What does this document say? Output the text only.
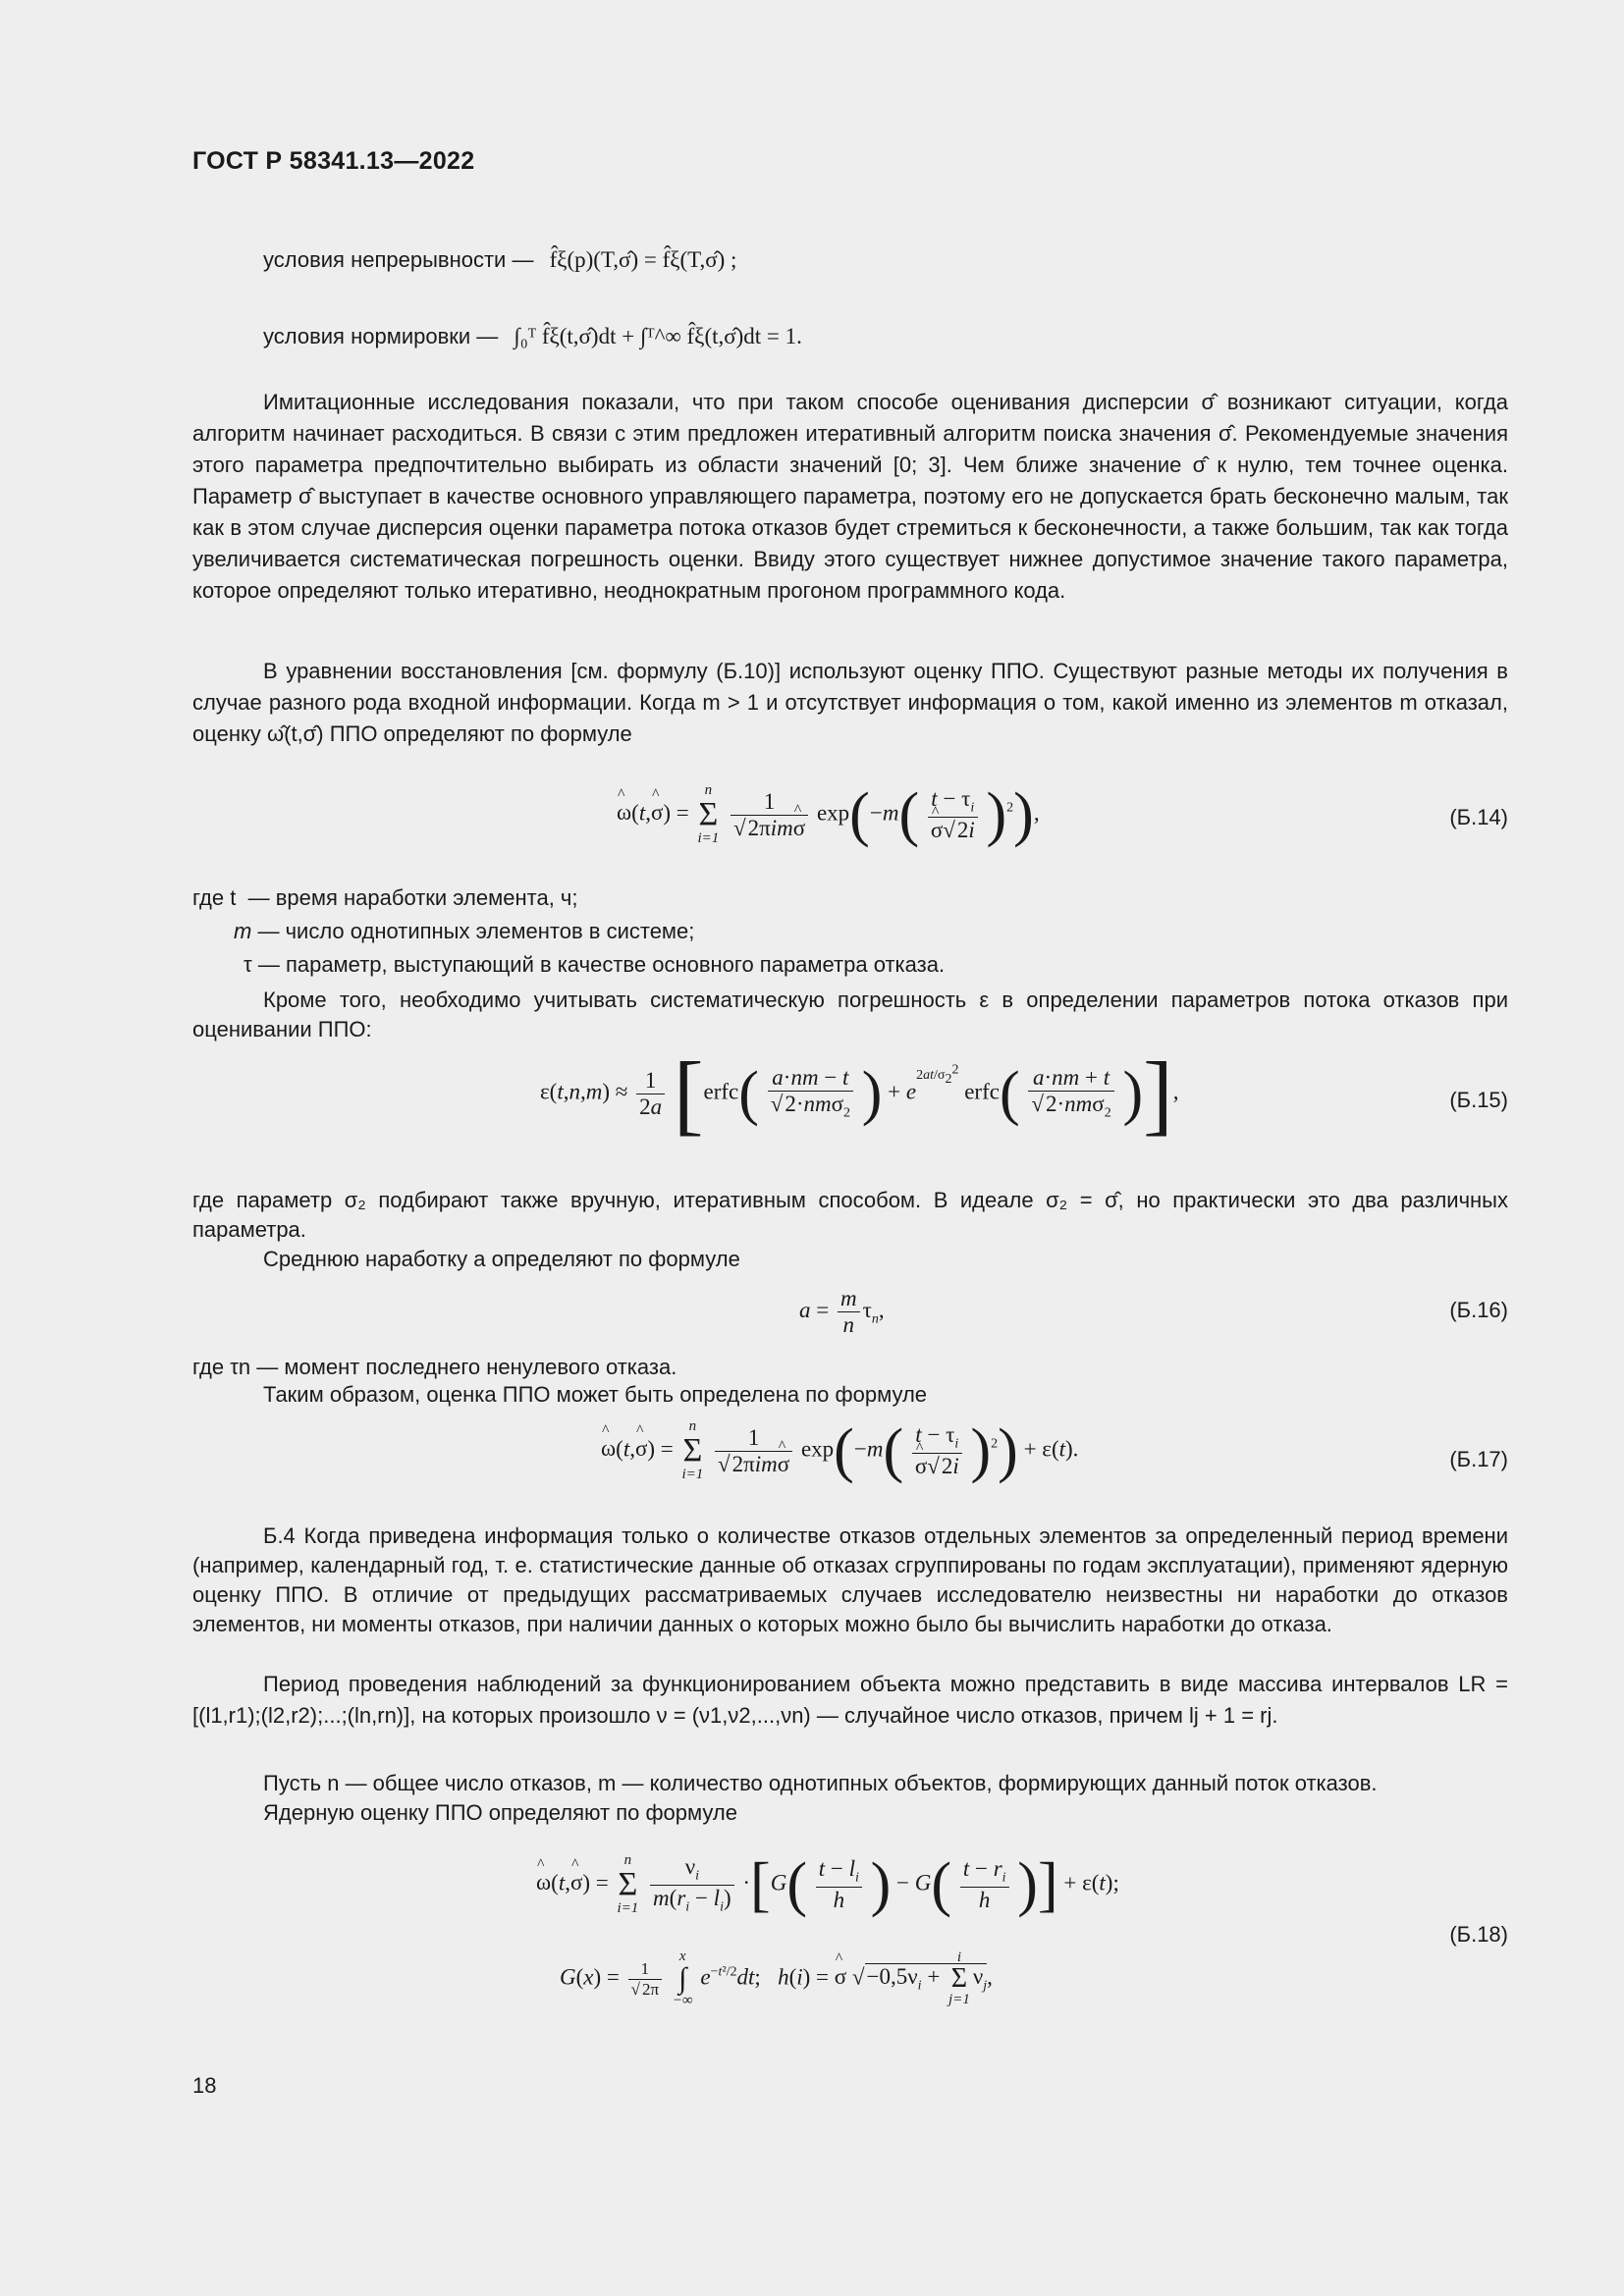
ГОСТ Р 58341.13—2022
условия непрерывности — f̂ξ(p)(T,σ̂) = f̂ξ(T,σ̂) ;
условия нормировки — ∫₀ᵀ f̂ξ(t,σ̂)dt + ∫ᵀ^∞ f̂ξ(t,σ̂)dt = 1.

Имитационные исследования показали, что при таком способе оценивания дисперсии σ̂ возникают ситуации, когда алгоритм начинает расходиться. В связи с этим предложен итеративный алгоритм поиска значения σ̂. Рекомендуемые значения этого параметра предпочтительно выбирать из области значений [0; 3]. Чем ближе значение σ̂ к нулю, тем точнее оценка. Параметр σ̂ выступает в качестве основного управляющего параметра, поэтому его не допускается брать бесконечно малым, так как в этом случае дисперсия оценки параметра потока отказов будет стремиться к бесконечности, а также большим, так как тогда увеличивается систематическая погрешность оценки. Ввиду этого существует нижнее допустимое значение такого параметра, которое определяют только итеративно, неоднократным прогоном программного кода.

В уравнении восстановления [см. формулу (Б.10)] используют оценку ППО. Существуют разные методы их получения в случае разного рода входной информации. Когда m > 1 и отсутствует информация о том, какой именно из элементов m отказал, оценку ω̂(t,σ̂) ППО определяют по формуле

^ ω(t,^ σ) =
n
Σ
i=1
$\frac{1}{\text{√2πim\textasciicircum{} σ}} \exp(-m$( $t - \tau_i$
^ σ√2i )$^2$),	(Б.14)
где t — время наработки элемента, ч;
m — число однотипных элементов в системе;
τ — параметр, выступающий в качестве основного параметра отказа.

Кроме того, необходимо учитывать систематическую погрешность ε в определении параметров потока отказов при оценивании ППО:

$\varepsilon(t,n,m) \approx \frac{1}{2a}$ [erfc( $\frac{a\cdot nm - t}{√2\cdot nm\sigma_2}$ ) + $e^{2at/\sigma_2^2}$ erfc( $\frac{a\cdot nm + t}{√2\cdot nm\sigma_2}$ )],	(Б.15)

где параметр σ₂ подбирают также вручную, итеративным способом. В идеале σ₂ = σ̂, но практически это два различных параметра.

Среднюю наработку a определяют по формуле

$a = \frac{m}{n} \tau_n$,	(Б.16)

где τn — момент последнего ненулевого отказа.

Таким образом, оценка ППО может быть определена по формуле

^ ω(t,^ σ) =
n
Σ
i=1
$\frac{1}{\text{√2πim\textasciicircum{} σ}} \exp(-m$( $t - \tau_i$
^ σ√2i )$^2$) + ε(t).	(Б.17)

Б.4 Когда приведена информация только о количестве отказов отдельных элементов за определенный период времени (например, календарный год, т. е. статистические данные об отказах сгруппированы по годам эксплуатации), применяют ядерную оценку ППО. В отличие от предыдущих рассматриваемых случаев исследователю неизвестны ни наработки до отказов элементов, ни моменты отказов, при наличии данных о которых можно было бы вычислить наработки до отказа.

Период проведения наблюдений за функционированием объекта можно представить в виде массива интервалов LR = [(l1,r1);(l2,r2);...;(ln,rn)], на которых произошло ν = (ν1,ν2,...,νn) — случайное число отказов, причем lj + 1 = rj.

Пусть n — общее число отказов, m — количество однотипных объектов, формирующих данный поток отказов.

Ядерную оценку ППО определяют по формуле

^ ω(t,^ σ) =
n
Σ
i=1
$\frac{\nu_i}{m(r_i - l_i)} \cdot[G( \frac{t - l_i}{h}$ ) − $G( \frac{t - r_i}{h}$ )] + ε(t);
$G(x) = \frac{1}{√ 2\pi}$

x
∫
−∞
$e^{-t^2/2}dt$;   h(i) = ^ σ $√-0,5\nu_i$ +
i
Σ
j=1
$\nu_j$,
(Б.18)
18
